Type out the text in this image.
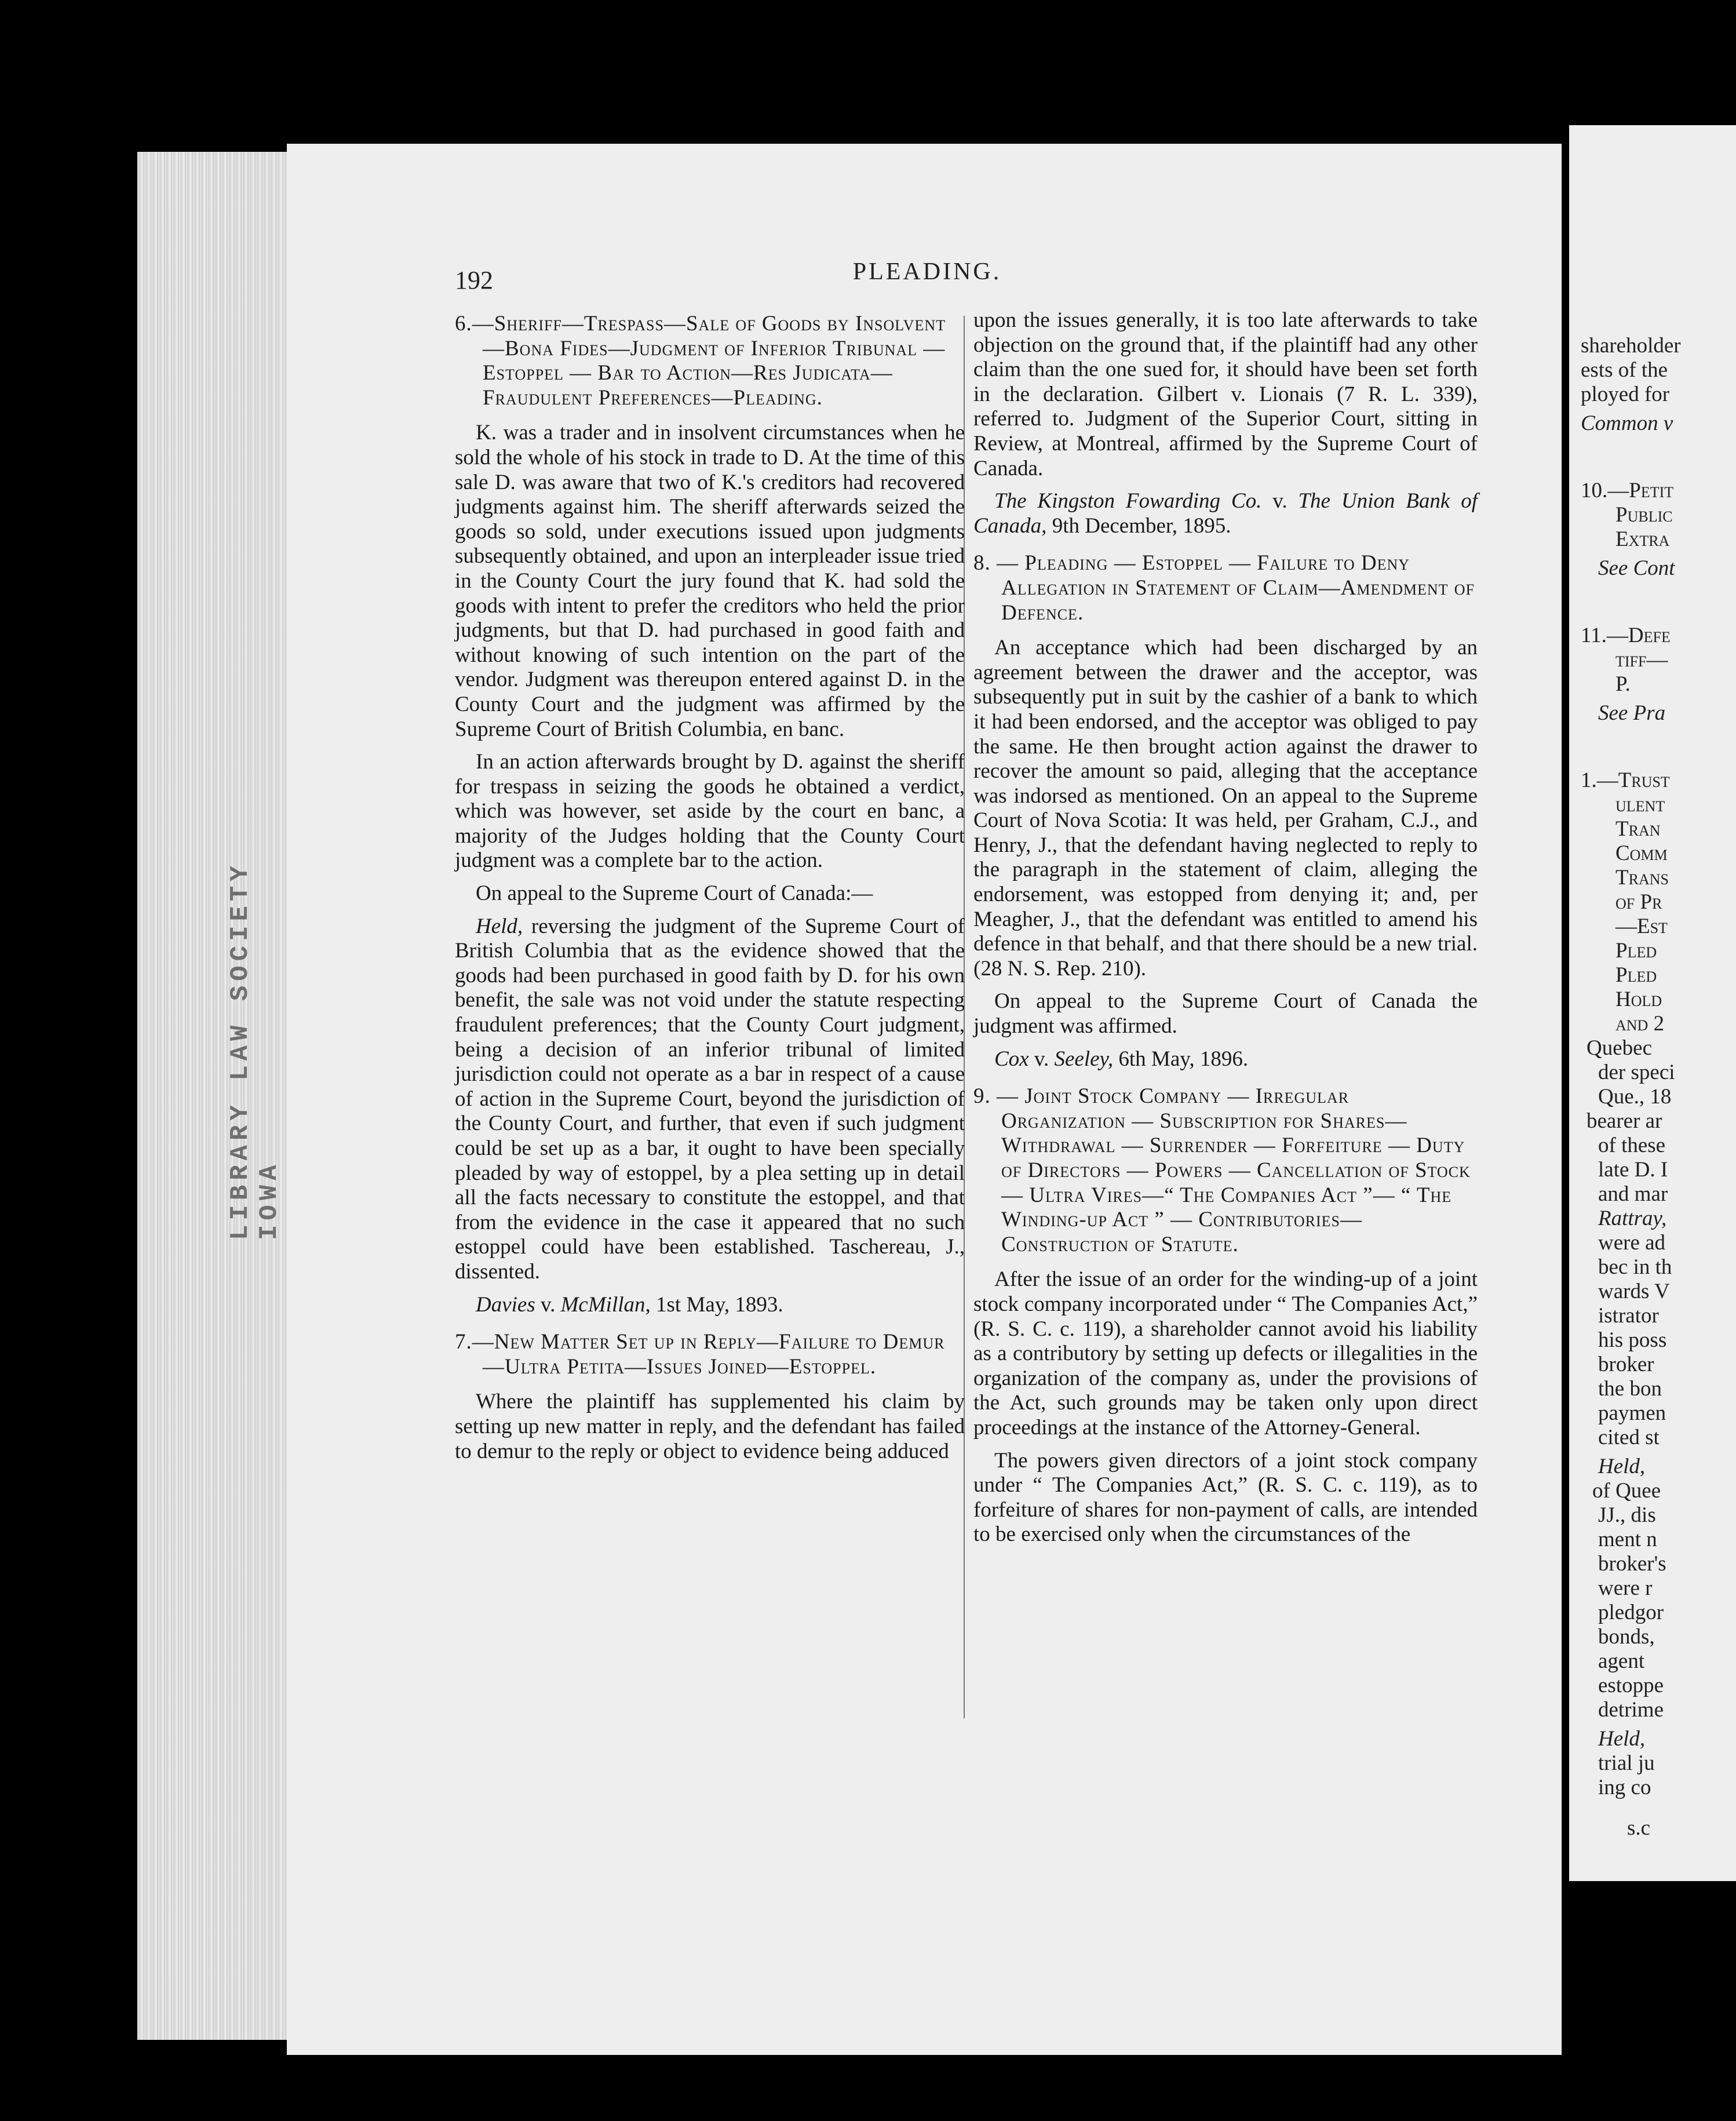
LIBRARY LAW SOCIETY IOWA
shareholder
ests of the
ployed for
Common v
10.—Petit
Public
Extra
See Cont
11.—Defe
tiff—
P.
See Pra
1.—Trust
ulent
Tran
Comm
Trans
of Pr
—Est
Pled
Pled
Hold
and 2
Quebec
der speci
Que., 18
bearer ar
of these
late D. I
and mar
Rattray,
were ad
bec in th
wards V
istrator
his poss
broker
the bon
paymen
cited st
Held,
of Quee
JJ., dis
ment n
broker's
were r
pledgor
bonds,
agent
estoppe
detrime
Held,
trial ju
ing co
s.c
192	PLEADING.

6.—Sheriff—Trespass—Sale of Goods by Insolvent—Bona Fides—Judgment of Inferior Tribunal — Estoppel — Bar to Action—Res Judicata—Fraudulent Preferences—Pleading.

K. was a trader and in insolvent circumstances when he sold the whole of his stock in trade to D. At the time of this sale D. was aware that two of K.'s creditors had recovered judgments against him. The sheriff afterwards seized the goods so sold, under executions issued upon judgments subsequently obtained, and upon an interpleader issue tried in the County Court the jury found that K. had sold the goods with intent to prefer the creditors who held the prior judgments, but that D. had purchased in good faith and without knowing of such intention on the part of the vendor. Judgment was thereupon entered against D. in the County Court and the judgment was affirmed by the Supreme Court of British Columbia, en banc.

In an action afterwards brought by D. against the sheriff for trespass in seizing the goods he obtained a verdict, which was however, set aside by the court en banc, a majority of the Judges holding that the County Court judgment was a complete bar to the action.

On appeal to the Supreme Court of Canada:—

Held, reversing the judgment of the Supreme Court of British Columbia that as the evidence showed that the goods had been purchased in good faith by D. for his own benefit, the sale was not void under the statute respecting fraudulent preferences; that the County Court judgment, being a decision of an inferior tribunal of limited jurisdiction could not operate as a bar in respect of a cause of action in the Supreme Court, beyond the jurisdiction of the County Court, and further, that even if such judgment could be set up as a bar, it ought to have been specially pleaded by way of estoppel, by a plea setting up in detail all the facts necessary to constitute the estoppel, and that from the evidence in the case it appeared that no such estoppel could have been established. Taschereau, J., dissented.

Davies v. McMillan, 1st May, 1893.

7.—New Matter Set up in Reply—Failure to Demur—Ultra Petita—Issues Joined—Estoppel.

Where the plaintiff has supplemented his claim by setting up new matter in reply, and the defendant has failed to demur to the reply or object to evidence being adduced

upon the issues generally, it is too late afterwards to take objection on the ground that, if the plaintiff had any other claim than the one sued for, it should have been set forth in the declaration. Gilbert v. Lionais (7 R. L. 339), referred to. Judgment of the Superior Court, sitting in Review, at Montreal, affirmed by the Supreme Court of Canada.

The Kingston Fowarding Co. v. The Union Bank of Canada, 9th December, 1895.

8. — Pleading — Estoppel — Failure to Deny Allegation in Statement of Claim—Amendment of Defence.

An acceptance which had been discharged by an agreement between the drawer and the acceptor, was subsequently put in suit by the cashier of a bank to which it had been endorsed, and the acceptor was obliged to pay the same. He then brought action against the drawer to recover the amount so paid, alleging that the acceptance was indorsed as mentioned. On an appeal to the Supreme Court of Nova Scotia: It was held, per Graham, C.J., and Henry, J., that the defendant having neglected to reply to the paragraph in the statement of claim, alleging the endorsement, was estopped from denying it; and, per Meagher, J., that the defendant was entitled to amend his defence in that behalf, and that there should be a new trial. (28 N. S. Rep. 210).

On appeal to the Supreme Court of Canada the judgment was affirmed.

Cox v. Seeley, 6th May, 1896.

9. — Joint Stock Company — Irregular Organization — Subscription for Shares—Withdrawal — Surrender — Forfeiture — Duty of Directors — Powers — Cancellation of Stock — Ultra Vires—“ The Companies Act ”— “ The Winding-up Act ” — Contributories—Construction of Statute.

After the issue of an order for the winding-up of a joint stock company incorporated under “ The Companies Act,” (R. S. C. c. 119), a shareholder cannot avoid his liability as a contributory by setting up defects or illegalities in the organization of the company as, under the provisions of the Act, such grounds may be taken only upon direct proceedings at the instance of the Attorney-General.

The powers given directors of a joint stock company under “ The Companies Act,” (R. S. C. c. 119), as to forfeiture of shares for non-payment of calls, are intended to be exercised only when the circumstances of the
